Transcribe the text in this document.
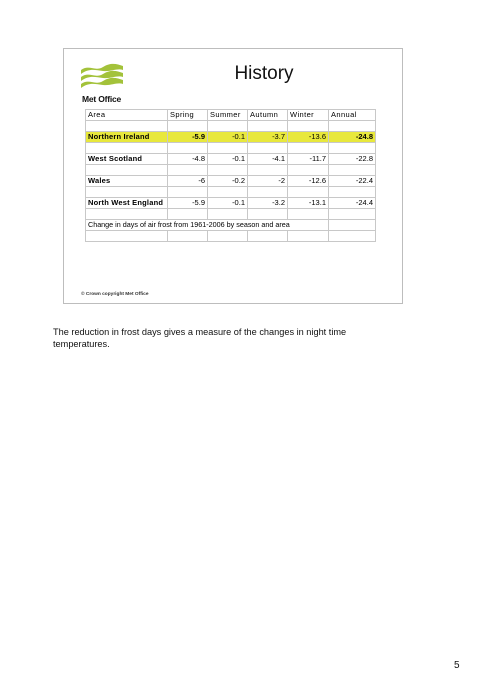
Met Office
History
Area	Spring	Summer	Autumn	Winter	Annual

Northern Ireland	-5.9	-0.1	-3.7	-13.6	-24.8

West Scotland	-4.8	-0.1	-4.1	-11.7	-22.8

Wales	-6	-0.2	-2	-12.6	-22.4

North West England	-5.9	-0.1	-3.2	-13.1	-24.4

Change in days of air frost from 1961-2006 by season and area					

© Crown copyright Met Office
The reduction in frost days gives a measure of the changes in night time temperatures.
5
